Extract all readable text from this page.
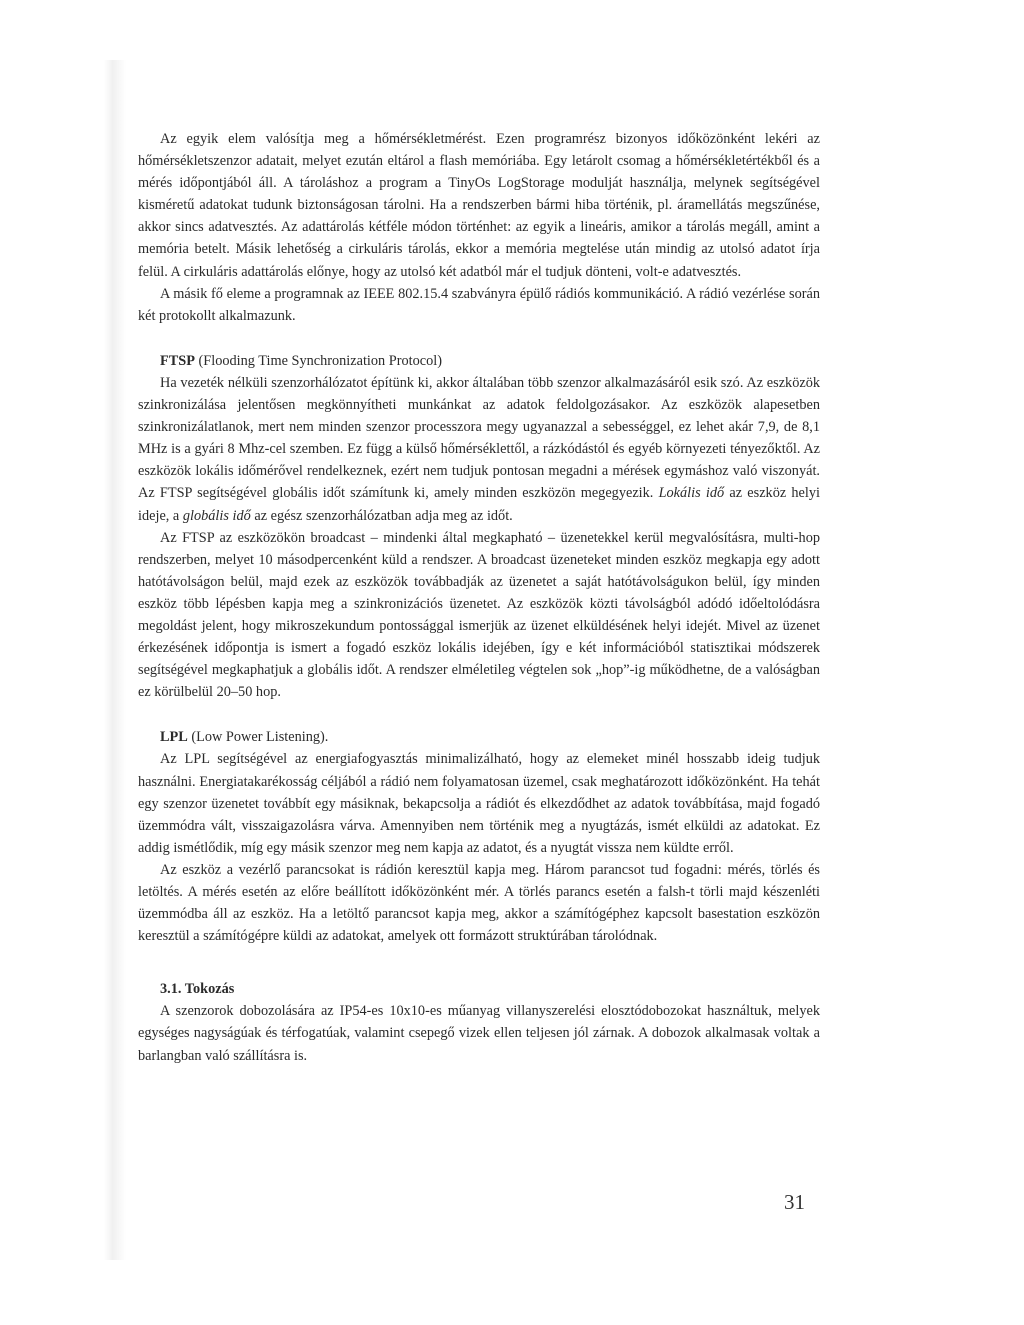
Az egyik elem valósítja meg a hőmérsékletmérést. Ezen programrész bizonyos időközönként lekéri az hőmérsékletszenzor adatait, melyet ezután eltárol a flash memóriába. Egy letárolt csomag a hőmérsékletértékből és a mérés időpontjából áll. A tároláshoz a program a TinyOs LogStorage modulját használja, melynek segítségével kisméretű adatokat tudunk biztonságosan tárolni. Ha a rendszerben bármi hiba történik, pl. áramellátás megszűnése, akkor sincs adatvesztés. Az adattárolás kétféle módon történhet: az egyik a lineáris, amikor a tárolás megáll, amint a memória betelt. Másik lehetőség a cirkuláris tárolás, ekkor a memória megtelése után mindig az utolsó adatot írja felül. A cirkuláris adattárolás előnye, hogy az utolsó két adatból már el tudjuk dönteni, volt-e adatvesztés.

A másik fő eleme a programnak az IEEE 802.15.4 szabványra épülő rádiós kommunikáció. A rádió vezérlése során két protokollt alkalmazunk.

FTSP (Flooding Time Synchronization Protocol)

Ha vezeték nélküli szenzorhálózatot építünk ki, akkor általában több szenzor alkalmazásáról esik szó. Az eszközök szinkronizálása jelentősen megkönnyítheti munkánkat az adatok feldolgozásakor. Az eszközök alapesetben szinkronizálatlanok, mert nem minden szenzor processzora megy ugyanazzal a sebességgel, ez lehet akár 7,9, de 8,1 MHz is a gyári 8 Mhz-cel szemben. Ez függ a külső hőmérséklettől, a rázkódástól és egyéb környezeti tényezőktől. Az eszközök lokális időmérővel rendelkeznek, ezért nem tudjuk pontosan megadni a mérések egymáshoz való viszonyát. Az FTSP segítségével globális időt számítunk ki, amely minden eszközön megegyezik. Lokális idő az eszköz helyi ideje, a globális idő az egész szenzorhálózatban adja meg az időt.

Az FTSP az eszközökön broadcast – mindenki által megkapható – üzenetekkel kerül megvalósításra, multi-hop rendszerben, melyet 10 másodpercenként küld a rendszer. A broadcast üzeneteket minden eszköz megkapja egy adott hatótávolságon belül, majd ezek az eszközök továbbadják az üzenetet a saját hatótávolságukon belül, így minden eszköz több lépésben kapja meg a szinkronizációs üzenetet. Az eszközök közti távolságból adódó időeltolódásra megoldást jelent, hogy mikroszekundum pontossággal ismerjük az üzenet elküldésének helyi idejét. Mivel az üzenet érkezésének időpontja is ismert a fogadó eszköz lokális idejében, így e két információból statisztikai módszerek segítségével megkaphatjuk a globális időt. A rendszer elméletileg végtelen sok „hop”-ig működhetne, de a valóságban ez körülbelül 20–50 hop.

LPL (Low Power Listening).

Az LPL segítségével az energiafogyasztás minimalizálható, hogy az elemeket minél hosszabb ideig tudjuk használni. Energiatakarékosság céljából a rádió nem folyamatosan üzemel, csak meghatározott időközönként. Ha tehát egy szenzor üzenetet továbbít egy másiknak, bekapcsolja a rádiót és elkezdődhet az adatok továbbítása, majd fogadó üzemmódra vált, visszaigazolásra várva. Amennyiben nem történik meg a nyugtázás, ismét elküldi az adatokat. Ez addig ismétlődik, míg egy másik szenzor meg nem kapja az adatot, és a nyugtát vissza nem küldte erről.

Az eszköz a vezérlő parancsokat is rádión keresztül kapja meg. Három parancsot tud fogadni: mérés, törlés és letöltés. A mérés esetén az előre beállított időközönként mér. A törlés parancs esetén a falsh-t törli majd készenléti üzemmódba áll az eszköz. Ha a letöltő parancsot kapja meg, akkor a számítógéphez kapcsolt basestation eszközön keresztül a számítógépre küldi az adatokat, amelyek ott formázott struktúrában tárolódnak.

3.1. Tokozás

A szenzorok dobozolására az IP54-es 10x10-es műanyag villanyszerelési elosztódobozokat használtuk, melyek egységes nagyságúak és térfogatúak, valamint csepegő vizek ellen teljesen jól zárnak. A dobozok alkalmasak voltak a barlangban való szállításra is.

31
